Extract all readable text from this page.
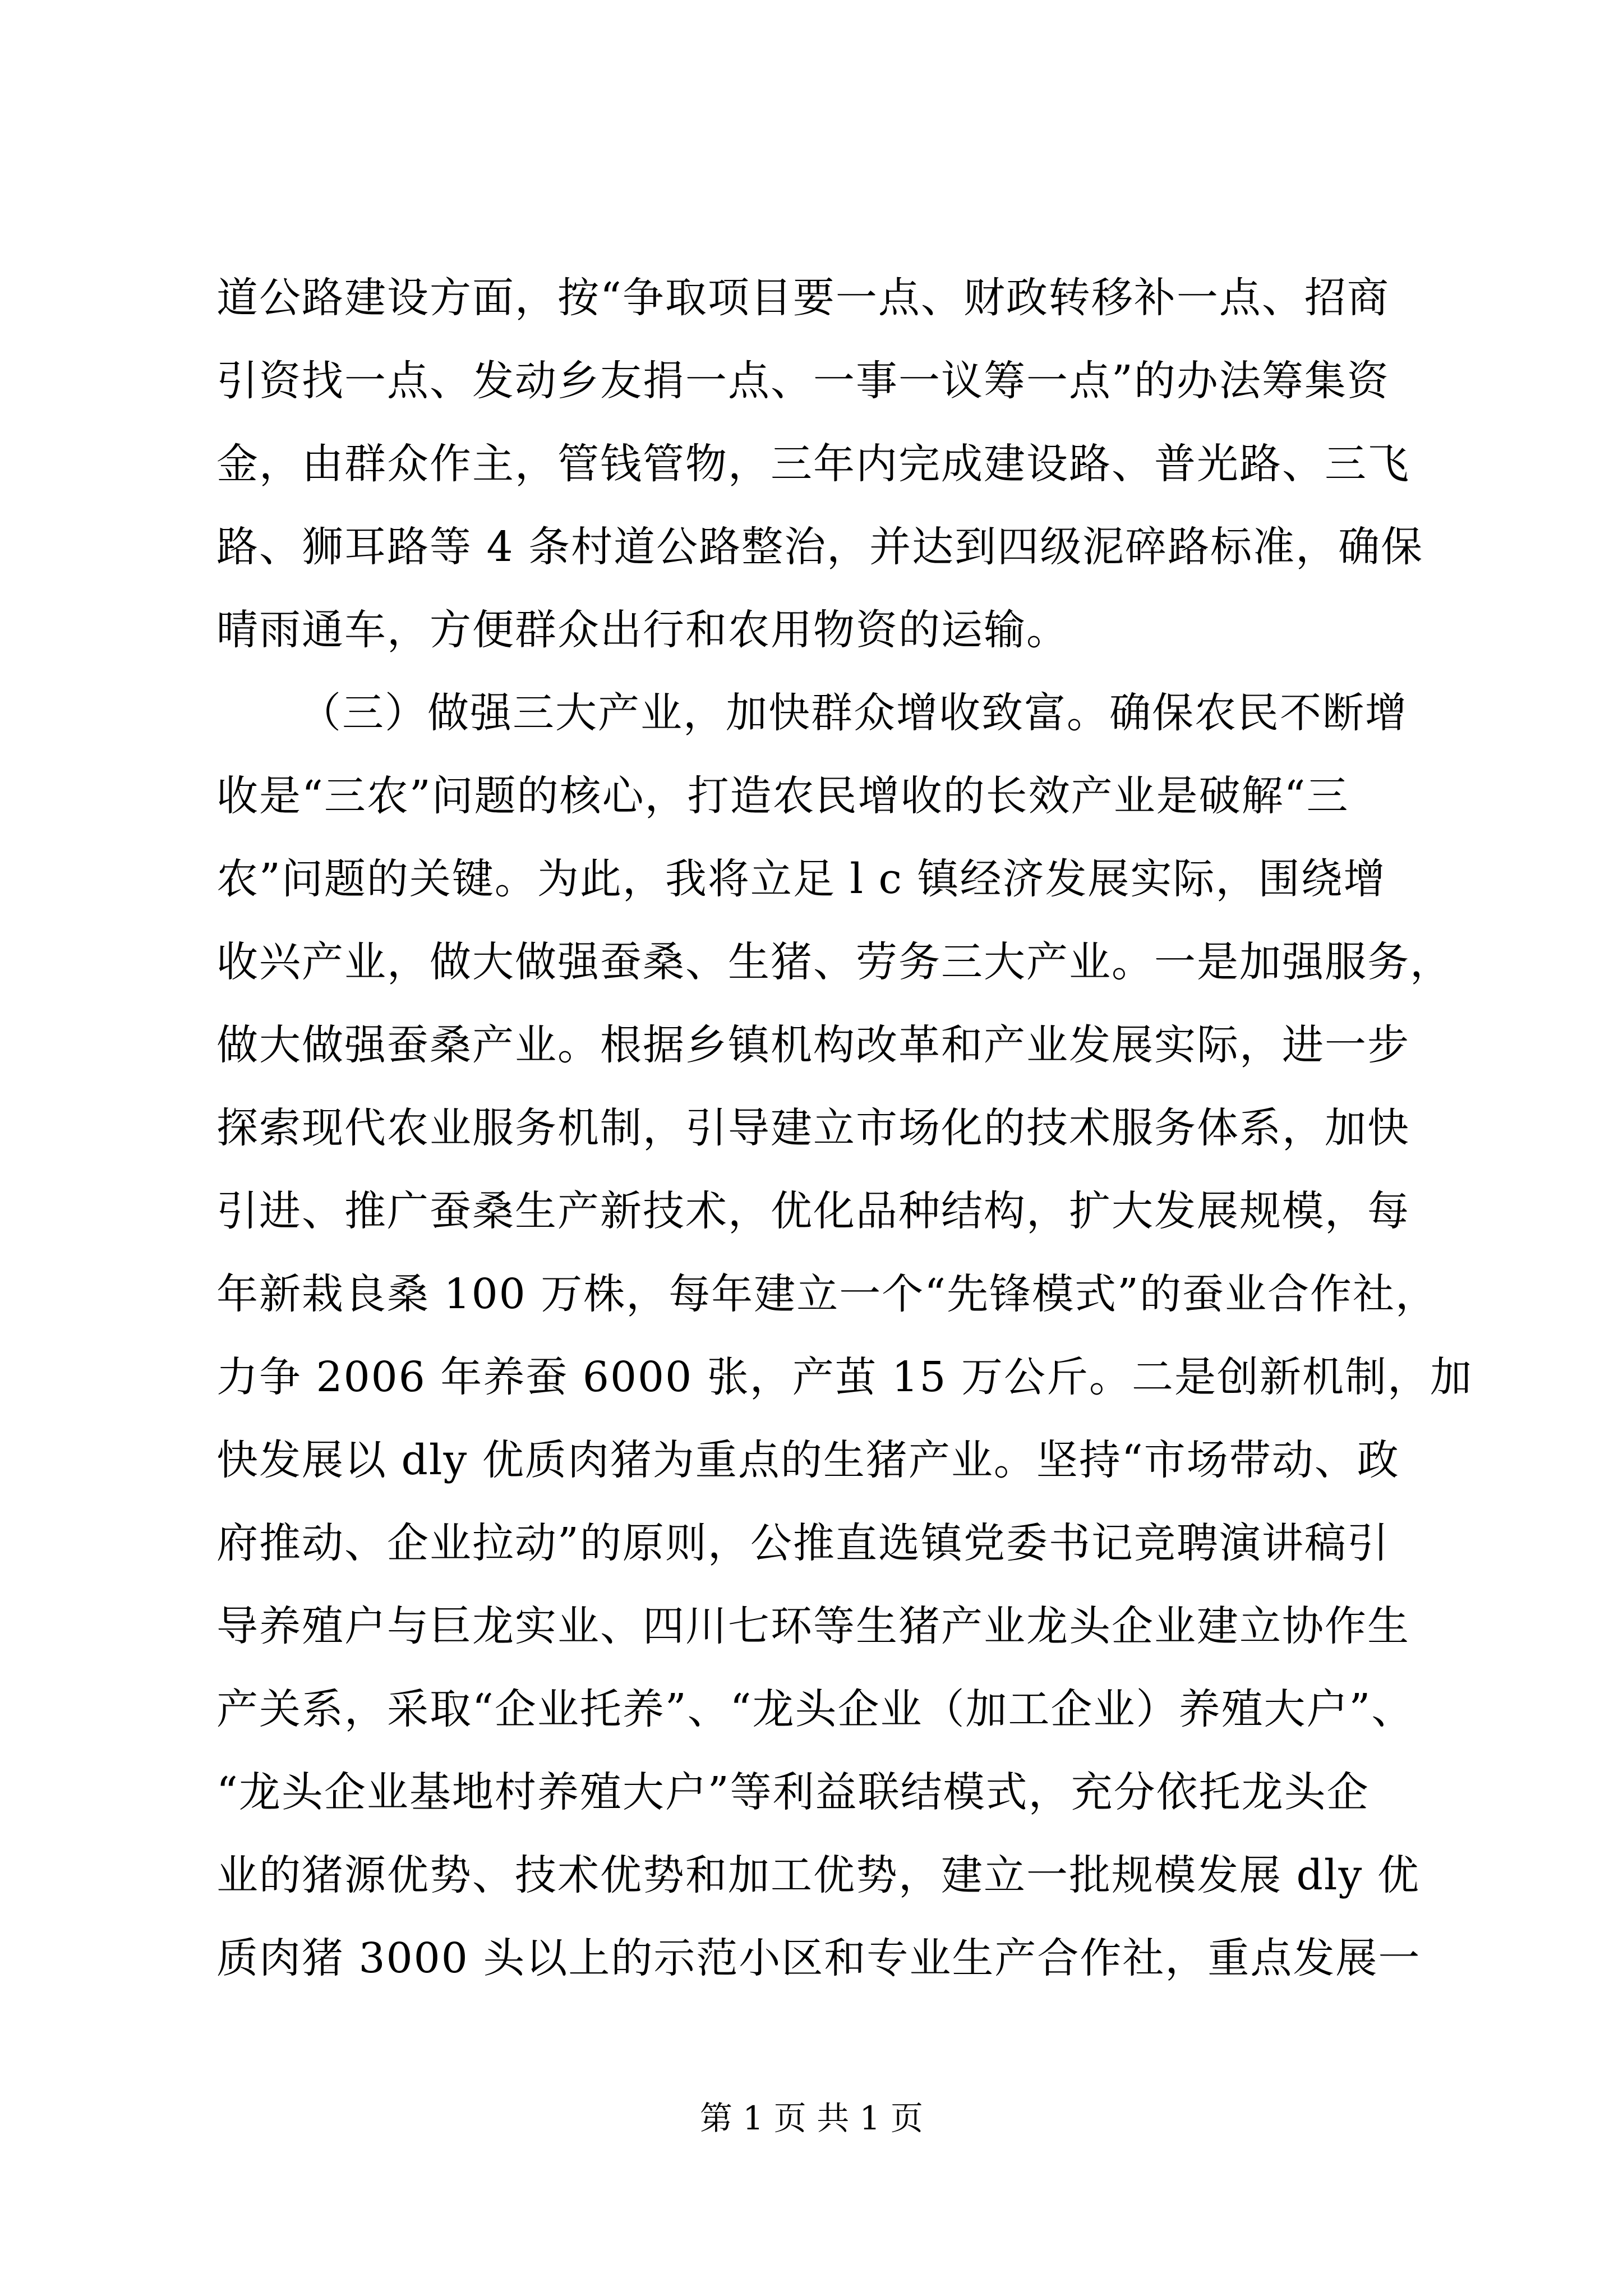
道公路建设方面，按“争取项目要一点、财政转移补一点、招商
引资找一点、发动乡友捐一点、一事一议筹一点”的办法筹集资
金，由群众作主，管钱管物，三年内完成建设路、普光路、三飞
路、狮耳路等 4 条村道公路整治，并达到四级泥碎路标准，确保
晴雨通车，方便群众出行和农用物资的运输。
（三）做强三大产业，加快群众增收致富。确保农民不断增
收是“三农”问题的核心，打造农民增收的长效产业是破解“三
农”问题的关键。为此，我将立足 l c 镇经济发展实际，围绕增
收兴产业，做大做强蚕桑、生猪、劳务三大产业。一是加强服务，
做大做强蚕桑产业。根据乡镇机构改革和产业发展实际，进一步
探索现代农业服务机制，引导建立市场化的技术服务体系，加快
引进、推广蚕桑生产新技术，优化品种结构，扩大发展规模，每
年新栽良桑 100 万株，每年建立一个“先锋模式”的蚕业合作社，
力争 2006 年养蚕 6000 张，产茧 15 万公斤。二是创新机制，加
快发展以 dly 优质肉猪为重点的生猪产业。坚持“市场带动、政
府推动、企业拉动”的原则，公推直选镇党委书记竞聘演讲稿引
导养殖户与巨龙实业、四川七环等生猪产业龙头企业建立协作生
产关系，采取“企业托养”、“龙头企业（加工企业）养殖大户”、
“龙头企业基地村养殖大户”等利益联结模式，充分依托龙头企
业的猪源优势、技术优势和加工优势，建立一批规模发展 dly 优
质肉猪 3000 头以上的示范小区和专业生产合作社，重点发展一
第 1 页 共 1 页
